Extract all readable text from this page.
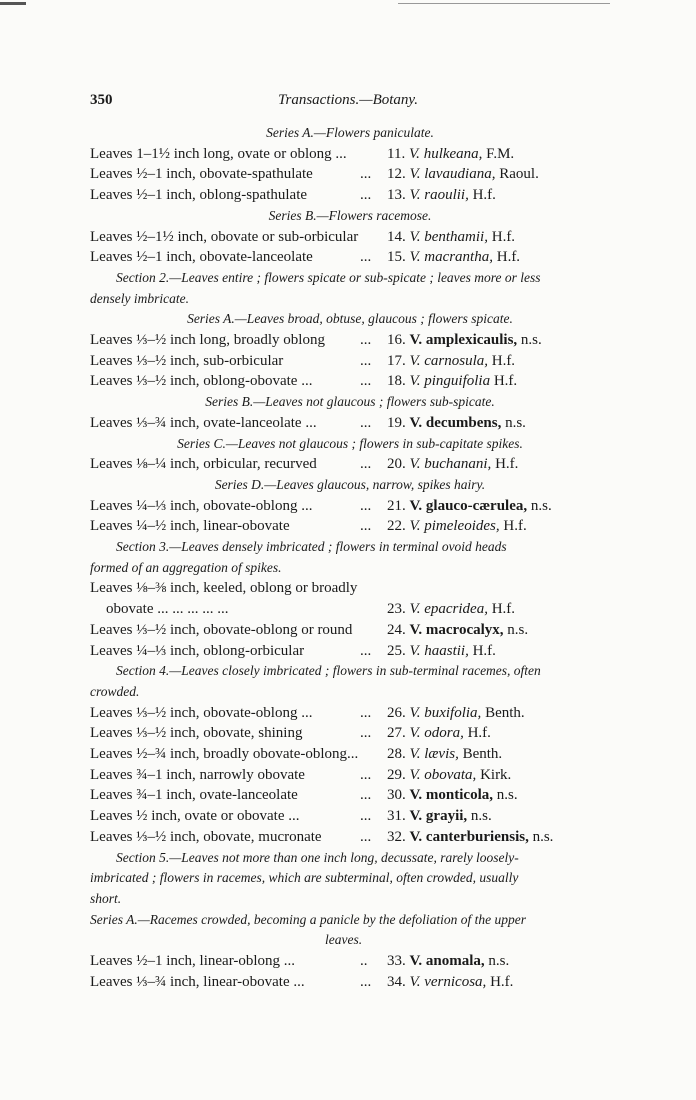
350	Transactions.—Botany.
Series A.—Flowers paniculate.
Leaves 1–1½ inch long, ovate or oblong ...	11. V. hulkeana, F.M.
Leaves ½–1 inch, obovate-spathulate	... 12. V. lavaudiana, Raoul.
Leaves ½–1 inch, oblong-spathulate	... 13. V. raoulii, H.f.
Series B.—Flowers racemose.
Leaves ½–1½ inch, obovate or sub-orbicular 14. V. benthamii, H.f.
Leaves ½–1 inch, obovate-lanceolate	... 15. V. macrantha, H.f.
Section 2.—Leaves entire ; flowers spicate or sub-spicate ; leaves more or less
densely imbricate.
Series A.—Leaves broad, obtuse, glaucous ; flowers spicate.
Leaves ⅓–½ inch long, broadly oblong ... 16. V. amplexicaulis, n.s.
Leaves ⅓–½ inch, sub-orbicular	... 17. V. carnosula, H.f.
Leaves ⅓–½ inch, oblong-obovate ...	... 18. V. pinguifolia H.f.
Series B.—Leaves not glaucous ; flowers sub-spicate.
Leaves ⅓–¾ inch, ovate-lanceolate ...	... 19. V. decumbens, n.s.
Series C.—Leaves not glaucous ; flowers in sub-capitate spikes.
Leaves ⅛–¼ inch, orbicular, recurved	... 20. V. buchanani, H.f.
Series D.—Leaves glaucous, narrow, spikes hairy.
Leaves ¼–⅓ inch, obovate-oblong ...	... 21. V. glauco-cærulea, n.s.
Leaves ¼–½ inch, linear-obovate	... 22. V. pimeleoides, H.f.
Section 3.—Leaves densely imbricated ; flowers in terminal ovoid heads
formed of an aggregation of spikes.
Leaves ⅛–⅜ inch, keeled, oblong or broadly
obovate ... ... ... ... ...	23. V. epacridea, H.f.
Leaves ⅓–½ inch, obovate-oblong or round 24. V. macrocalyx, n.s.
Leaves ¼–⅓ inch, oblong-orbicular	... 25. V. haastii, H.f.
Section 4.—Leaves closely imbricated ; flowers in sub-terminal racemes, often
crowded.
Leaves ⅓–½ inch, obovate-oblong ...	... 26. V. buxifolia, Benth.
Leaves ⅓–½ inch, obovate, shining	... 27. V. odora, H.f.
Leaves ½–¾ inch, broadly obovate-oblong... 28. V. lævis, Benth.
Leaves ¾–1 inch, narrowly obovate	... 29. V. obovata, Kirk.
Leaves ¾–1 inch, ovate-lanceolate	... 30. V. monticola, n.s.
Leaves ½ inch, ovate or obovate ...	... 31. V. grayii, n.s.
Leaves ⅓–½ inch, obovate, mucronate	... 32. V. canterburiensis, n.s.
Section 5.—Leaves not more than one inch long, decussate, rarely loosely-
imbricated ; flowers in racemes, which are subterminal, often crowded, usually
short.
Series A.—Racemes crowded, becoming a panicle by the defoliation of the upper
leaves.
Leaves ½–1 inch, linear-oblong ...	.. 33. V. anomala, n.s.
Leaves ⅓–¾ inch, linear-obovate ...	... 34. V. vernicosa, H.f.
